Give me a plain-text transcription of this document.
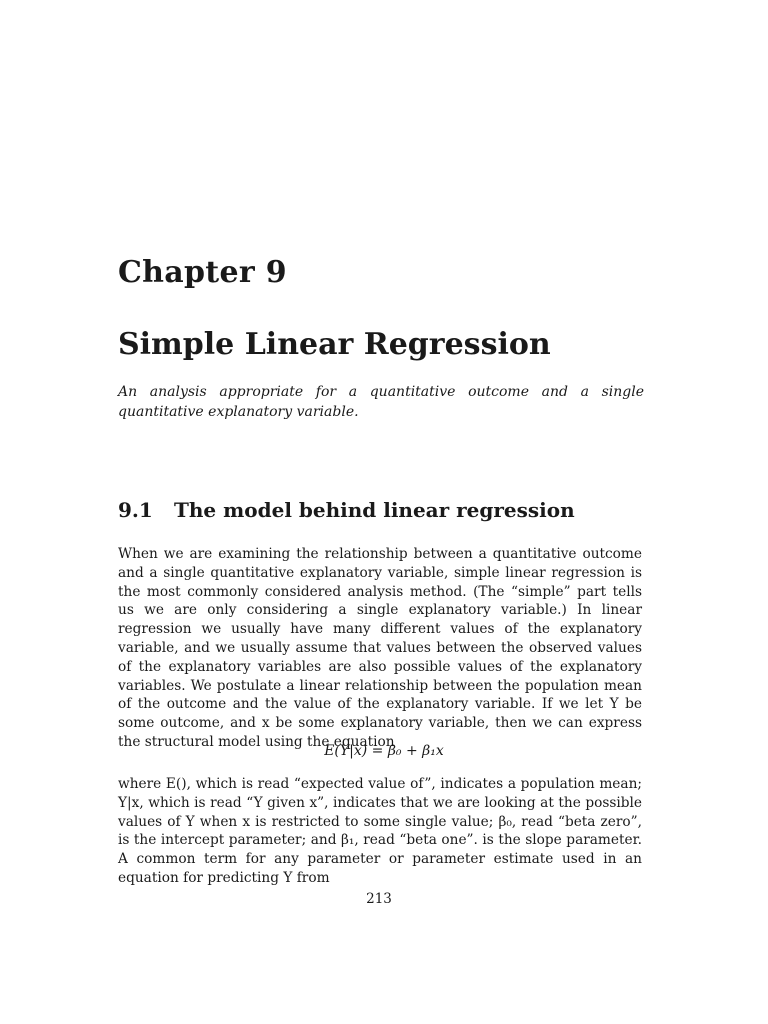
Chapter 9
Simple Linear Regression
An analysis appropriate for a quantitative outcome and a single quantitative explanatory variable.
9.1 The model behind linear regression
When we are examining the relationship between a quantitative outcome and a single quantitative explanatory variable, simple linear regression is the most commonly considered analysis method. (The “simple” part tells us we are only considering a single explanatory variable.) In linear regression we usually have many different values of the explanatory variable, and we usually assume that values between the observed values of the explanatory variables are also possible values of the explanatory variables. We postulate a linear relationship between the population mean of the outcome and the value of the explanatory variable. If we let Y be some outcome, and x be some explanatory variable, then we can express the structural model using the equation
E(Y|x) = β₀ + β₁x
where E(), which is read “expected value of”, indicates a population mean; Y|x, which is read “Y given x”, indicates that we are looking at the possible values of Y when x is restricted to some single value; β₀, read “beta zero”, is the intercept parameter; and β₁, read “beta one”. is the slope parameter. A common term for any parameter or parameter estimate used in an equation for predicting Y from
213
